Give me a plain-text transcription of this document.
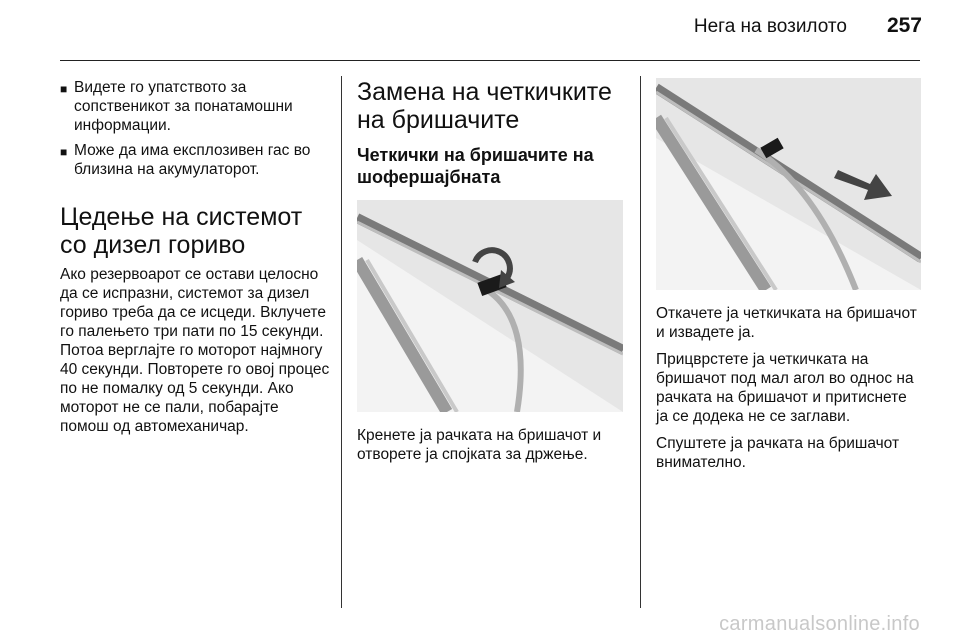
Нега на возилото 257
■ Видете го упатството за сопственикот за понатамошни информации.
■ Може да има експлозивен гас во близина на акумулаторот.
Цедење на системот со дизел гориво

Ако резервоарот се остави целосно да се испразни, системот за дизел гориво треба да се исцеди. Вклучете го палењето три пати по 15 секунди. Потоа верглајте го моторот најмногу 40 секунди. Повторете го овој процес по не помалку од 5 секунди. Ако моторот не се пали, побарајте помош од автомеханичар.

Замена на четкичките на бришачите
Четкички на бришачите на шофершајбната

Кренете ја рачката на бришачот и отворете ја спојката за држење.

Откачете ја четкичката на бришачот и извадете ја.

Прицврстете ја четкичката на бришачот под мал агол во однос на рачката на бришачот и притиснете ја се додека не се заглави.

Спуштете ја рачката на бришачот внимателно.

carmanualsonline.info
